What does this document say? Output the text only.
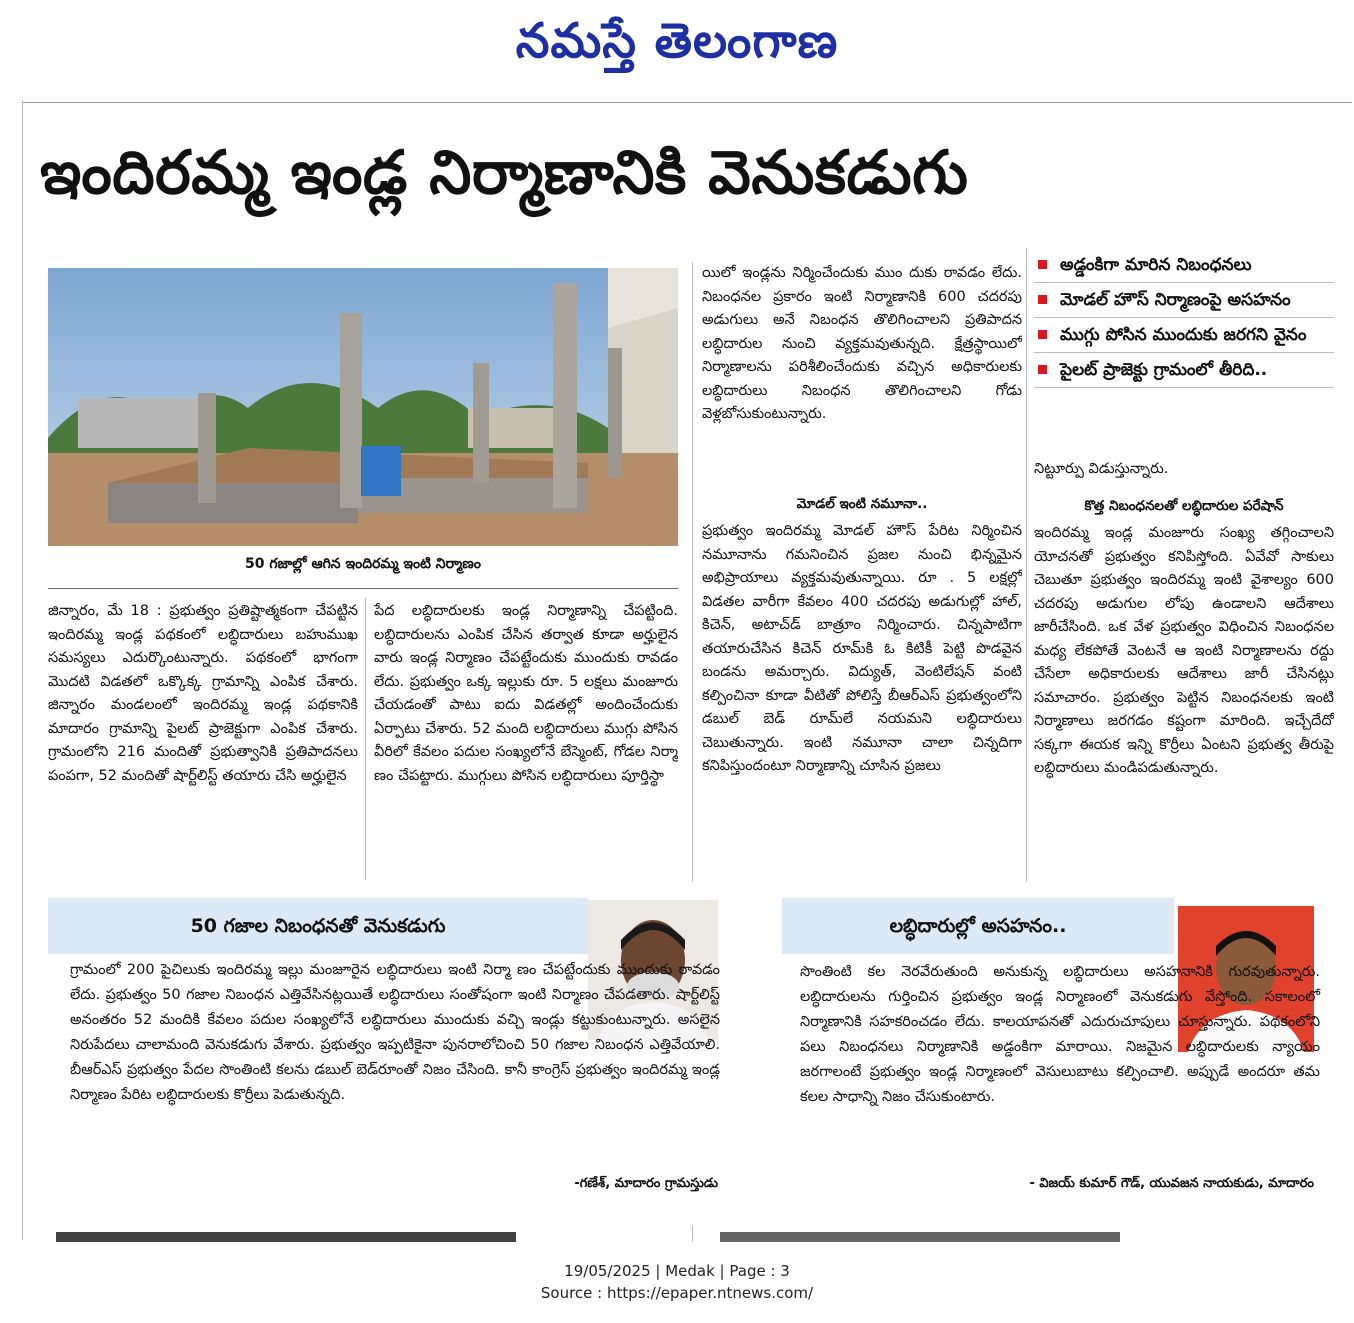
నమస్తే తెలంగాణ
ఇందిరమ్మ ఇండ్ల నిర్మాణానికి వెనుకడుగు
50 గజాల్లో ఆగిన ఇందిరమ్మ ఇంటి నిర్మాణం
జిన్నారం, మే 18 : ప్రభుత్వం ప్రతిష్టాత్మకంగా చేపట్టిన ఇందిరమ్మ ఇండ్ల పథకంలో లబ్ధిదారులు బహుముఖ సమస్యలు ఎదుర్కొంటున్నారు. పథకంలో భాగంగా మొదటి విడతలో ఒక్కొక్క గ్రామాన్ని ఎంపిక చేశారు. జిన్నారం మండలంలో ఇందిరమ్మ ఇండ్ల పథకానికి మాదారం గ్రామాన్ని పైలట్ ప్రాజెక్టుగా ఎంపిక చేశారు. గ్రామంలోని 216 మందితో ప్రభుత్వానికి ప్రతిపాదనలు పంపగా, 52 మందితో షార్ట్‌లిస్ట్ తయారు చేసి అర్హులైన
పేద లబ్ధిదారులకు ఇండ్ల నిర్మాణాన్ని చేపట్టింది. లబ్ధిదారులను ఎంపిక చేసిన తర్వాత కూడా అర్హులైన వారు ఇండ్ల నిర్మాణం చేపట్టేందుకు ముందుకు రావడం లేదు. ప్రభుత్వం ఒక్క ఇల్లుకు రూ. 5 లక్షలు మంజూరు చేయడంతో పాటు ఐదు విడతల్లో అందించేందుకు ఏర్పాటు చేశారు. 52 మంది లబ్ధిదారులు ముగ్గు పోసిన వీరిలో కేవలం పదుల సంఖ్యలోనే బేస్మెంట్, గోడల నిర్మా ణం చేపట్టారు. ముగ్గులు పోసిన లబ్ధిదారులు పూర్తిస్థా
యిలో ఇండ్లను నిర్మించేందుకు ముం దుకు రావడం లేదు. నిబంధనల ప్రకారం ఇంటి నిర్మాణానికి 600 చదరపు అడుగులు అనే నిబంధన తొలిగించాలని ప్రతిపాదన లబ్ధిదారుల నుంచి వ్యక్తమవుతున్నది. క్షేత్రస్థాయిలో నిర్మాణాలను పరిశీలించేందుకు వచ్చిన అధికారులకు లబ్ధిదారులు నిబంధన తొలిగించాలని గోడు వెళ్లబోసుకుంటున్నారు.
మోడల్ ఇంటి నమూనా..
ప్రభుత్వం ఇందిరమ్మ మోడల్ హౌస్ పేరిట నిర్మించిన నమూనాను గమనించిన ప్రజల నుంచి భిన్నమైన అభిప్రాయాలు వ్యక్తమవుతున్నాయి. రూ . 5 లక్షల్లో విడతల వారీగా కేవలం 400 చదరపు అడుగుల్లో హాల్, కిచెన్, అటాచ్‌డ్ బాత్రూం నిర్మించారు. చిన్నపాటిగా తయారుచేసిన కిచెన్ రూమ్‌కి ఓ కిటికీ పెట్టి పొడవైన బండను అమర్చారు. విద్యుత్, వెంటిలేషన్ వంటి కల్పించినా కూడా వీటితో పోలిస్తే బీఆర్ఎస్ ప్రభుత్వంలోని డబుల్ బెడ్ రూమ్‌లే నయమని లబ్ధిదారులు చెబుతున్నారు. ఇంటి నమూనా చాలా చిన్నదిగా కనిపిస్తుందంటూ నిర్మాణాన్ని చూసిన ప్రజలు
అడ్డంకిగా మారిన నిబంధనలు
మోడల్ హౌస్ నిర్మాణంపై అసహనం
ముగ్గు పోసిన ముందుకు జరగని వైనం
పైలట్ ప్రాజెక్టు గ్రామంలో తీరిది..
నిట్టూర్పు విడుస్తున్నారు.
కొత్త నిబంధనలతో లబ్ధిదారుల పరేషాన్
ఇందిరమ్మ ఇండ్ల మంజూరు సంఖ్య తగ్గించాలని యోచనతో ప్రభుత్వం కనిపిస్తోంది. ఏవేవో సాకులు చెబుతూ ప్రభుత్వం ఇందిరమ్మ ఇంటి వైశాల్యం 600 చదరపు అడుగుల లోపు ఉండాలని ఆదేశాలు జారీచేసింది. ఒక వేళ ప్రభుత్వం విధించిన నిబంధనల మధ్య లేకపోతే వెంటనే ఆ ఇంటి నిర్మాణాలను రద్దు చేసేలా అధికారులకు ఆదేశాలు జారీ చేసినట్లు సమాచారం. ప్రభుత్వం పెట్టిన నిబంధనలకు ఇంటి నిర్మాణాలు జరగడం కష్టంగా మారింది. ఇచ్చేదేదో సక్కగా ఈయక ఇన్ని కొర్రీలు ఏంటని ప్రభుత్వ తీరుపై లబ్ధిదారులు మండిపడుతున్నారు.
50 గజాల నిబంధనతో వెనుకడుగు
గ్రామంలో 200 పైచిలుకు ఇందిరమ్మ ఇల్లు మంజూరైన లబ్ధిదారులు ఇంటి నిర్మా ణం చేపట్టేందుకు ముందుకు రావడం లేదు. ప్రభుత్వం 50 గజాల నిబంధన ఎత్తివేసినట్లయితే లబ్ధిదారులు సంతోషంగా ఇంటి నిర్మాణం చేపడతారు. షార్ట్‌లిస్ట్ అనంతరం 52 మందికి కేవలం పదుల సంఖ్యలోనే లబ్ధిదారులు ముందుకు వచ్చి ఇండ్లు కట్టుకుంటున్నారు. అసలైన నిరుపేదలు చాలామంది వెనుకడుగు వేశారు. ప్రభుత్వం ఇప్పటికైనా పునరాలోచించి 50 గజాల నిబంధన ఎత్తివేయాలి. బీఆర్ఎస్ ప్రభుత్వం పేదల సొంతింటి కలను డబుల్ బెడ్‌రూంతో నిజం చేసింది. కానీ కాంగ్రెస్ ప్రభుత్వం ఇందిరమ్మ ఇండ్ల నిర్మాణం పేరిట లబ్ధిదారులకు కొర్రీలు పెడుతున్నది.
-గణేశ్, మాదారం గ్రామస్తుడు
లబ్ధిదారుల్లో అసహనం..
సొంతింటి కల నెరవేరుతుంది అనుకున్న లబ్ధిదారులు అసహనానికి గురవుతున్నారు. లబ్ధిదారులను గుర్తించిన ప్రభుత్వం ఇండ్ల నిర్మాణంలో వెనుకడుగు వేస్తోంది. సకాలంలో నిర్మాణానికి సహకరించడం లేదు. కాలయాపనతో ఎదురుచూపులు చూస్తున్నారు. పథకంలోని పలు నిబంధనలు నిర్మాణానికి అడ్డంకిగా మారాయి. నిజమైన లబ్ధిదారులకు న్యాయం జరగాలంటే ప్రభుత్వం ఇండ్ల నిర్మాణంలో వెసులుబాటు కల్పించాలి. అప్పుడే అందరూ తమ కలల సాధాన్ని నిజం చేసుకుంటారు.
- విజయ్ కుమార్ గౌడ్, యువజన నాయకుడు, మాదారం
19/05/2025 | Medak | Page : 3
Source : https://epaper.ntnews.com/
